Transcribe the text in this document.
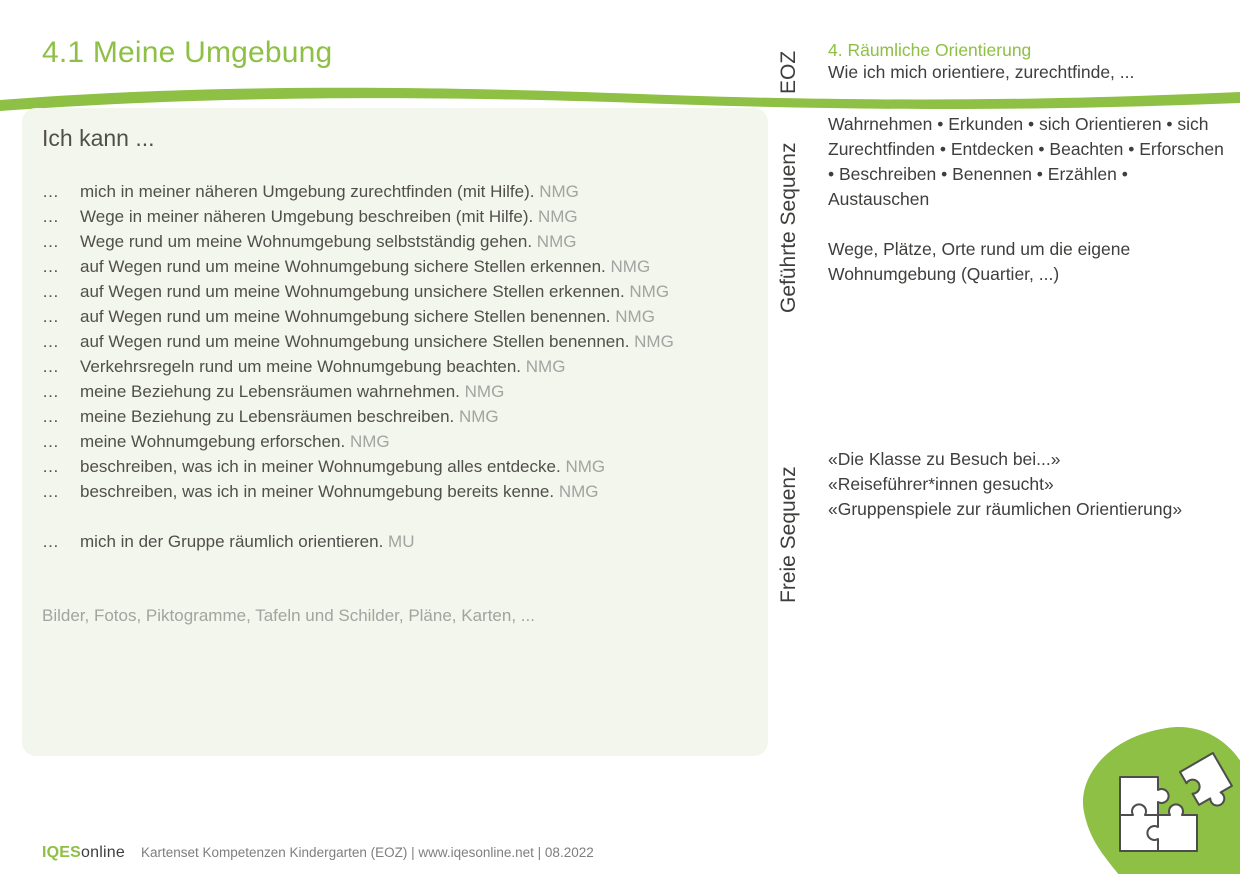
4.1 Meine Umgebung	EOZ
4. Räumliche Orientierung
Wie ich mich orientiere, zurechtfinde, ...
Ich kann ...
…	mich in meiner näheren Umgebung zurechtfinden (mit Hilfe). NMG
…	Wege in meiner näheren Umgebung beschreiben (mit Hilfe). NMG
…	Wege rund um meine Wohnumgebung selbstständig gehen. NMG
…	auf Wegen rund um meine Wohnumgebung sichere Stellen erkennen. NMG
…	auf Wegen rund um meine Wohnumgebung unsichere Stellen erkennen. NMG
…	auf Wegen rund um meine Wohnumgebung sichere Stellen benennen. NMG
…	auf Wegen rund um meine Wohnumgebung unsichere Stellen benennen. NMG
…	Verkehrsregeln rund um meine Wohnumgebung beachten. NMG
…	meine Beziehung zu Lebensräumen wahrnehmen. NMG
…	meine Beziehung zu Lebensräumen beschreiben. NMG
…	meine Wohnumgebung erforschen. NMG
…	beschreiben, was ich in meiner Wohnumgebung alles entdecke. NMG
…	beschreiben, was ich in meiner Wohnumgebung bereits kenne. NMG
…	mich in der Gruppe räumlich orientieren. MU
Bilder, Fotos, Piktogramme, Tafeln und Schilder, Pläne, Karten, ...
Geführte Sequenz

Wahrnehmen • Erkunden • sich Orientieren • sich Zurechtfinden • Entdecken • Beachten • Erforschen • Beschreiben • Benennen • Erzählen • Austauschen

Wege, Plätze, Orte rund um die eigene Wohnumgebung (Quartier, ...)

Freie Sequenz
«Die Klasse zu Besuch bei...»
«Reiseführer*innen gesucht»
«Gruppenspiele zur räumlichen Orientierung»
IQESonline Kartenset Kompetenzen Kindergarten (EOZ) | www.iqesonline.net | 08.2022
